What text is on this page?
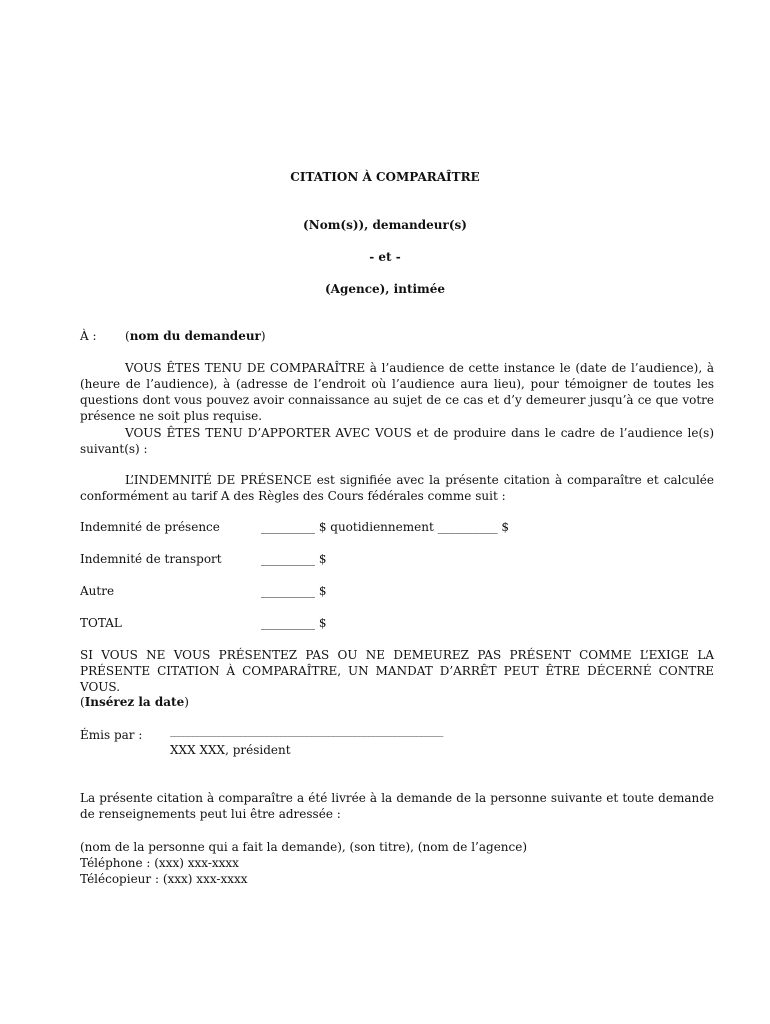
CITATION À COMPARAÎTRE
(Nom(s)), demandeur(s)
- et -
(Agence), intimée
À : (nom du demandeur)
VOUS ÊTES TENU DE COMPARAÎTRE à l’audience de cette instance le (date de l’audience), à (heure de l’audience), à (adresse de l’endroit où l’audience aura lieu), pour témoigner de toutes les questions dont vous pouvez avoir connaissance au sujet de ce cas et d’y demeurer jusqu’à ce que votre présence ne soit plus requise.
VOUS ÊTES TENU D’APPORTER AVEC VOUS et de produire dans le cadre de l’audience le(s) suivant(s) :
L’INDEMNITÉ DE PRÉSENCE est signifiée avec la présente citation à comparaître et calculée conformément au tarif A des Règles des Cours fédérales comme suit :
Indemnité de présence	_________ $ quotidiennement __________ $
Indemnité de transport	_________ $
Autre	_________ $
TOTAL	_________ $
SI VOUS NE VOUS PRÉSENTEZ PAS OU NE DEMEUREZ PAS PRÉSENT COMME L’EXIGE LA PRÉSENTE CITATION À COMPARAÎTRE, UN MANDAT D’ARRÊT PEUT ÊTRE DÉCERNÉ CONTRE VOUS.
(Insérez la date)
Émis par :	______________________________________________________________
XXX XXX, président
La présente citation à comparaître a été livrée à la demande de la personne suivante et toute demande de renseignements peut lui être adressée :
(nom de la personne qui a fait la demande), (son titre), (nom de l’agence)
Téléphone : (xxx) xxx-xxxx
Télécopieur : (xxx) xxx-xxxx
